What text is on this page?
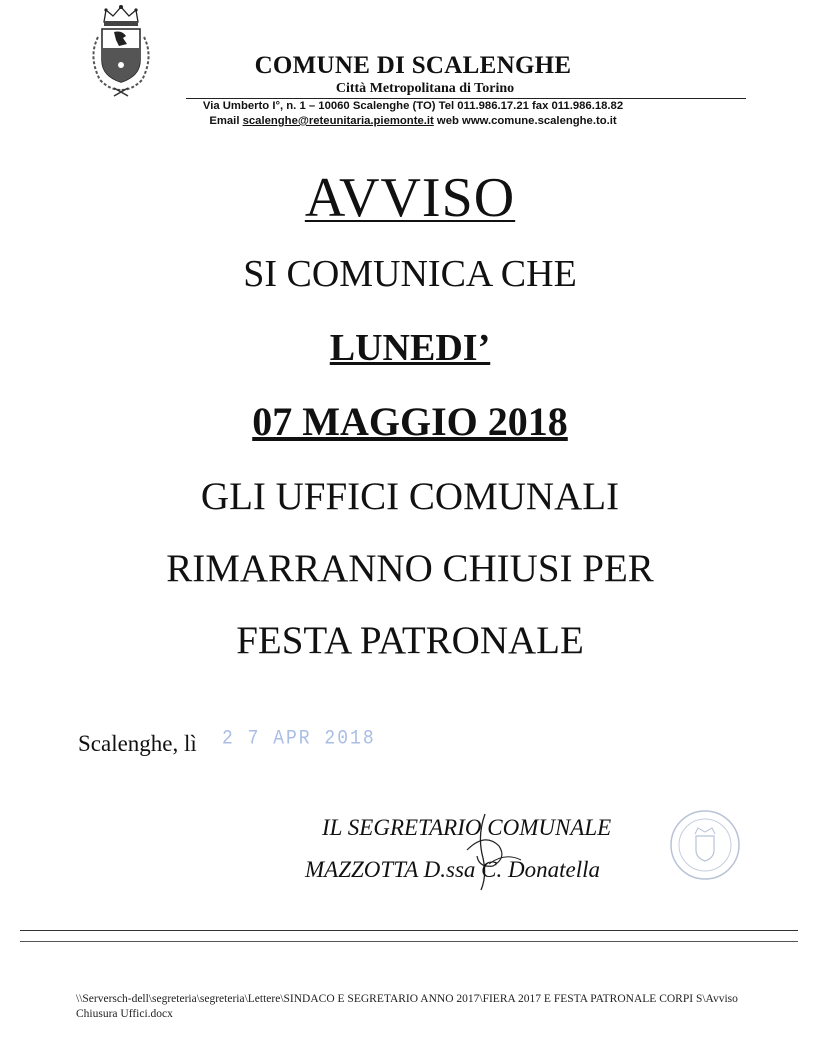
COMUNE DI SCALENGHE
Città Metropolitana di Torino
Via Umberto I°, n. 1 – 10060 Scalenghe (TO) Tel 011.986.17.21 fax 011.986.18.82
Email scalenghe@reteunitaria.piemonte.it web www.comune.scalenghe.to.it
AVVISO
SI COMUNICA CHE
LUNEDI’
07 MAGGIO 2018
GLI UFFICI COMUNALI
RIMARRANNO CHIUSI PER
FESTA PATRONALE
Scalenghe, lì 2 7 APR 2018
IL SEGRETARIO COMUNALE
MAZZOTTA D.ssa C. Donatella
\\Serversch-dell\segreteria\segreteria\Lettere\SINDACO E SEGRETARIO ANNO 2017\FIERA 2017 E FESTA PATRONALE CORPI S\Avviso Chiusura Uffici.docx
